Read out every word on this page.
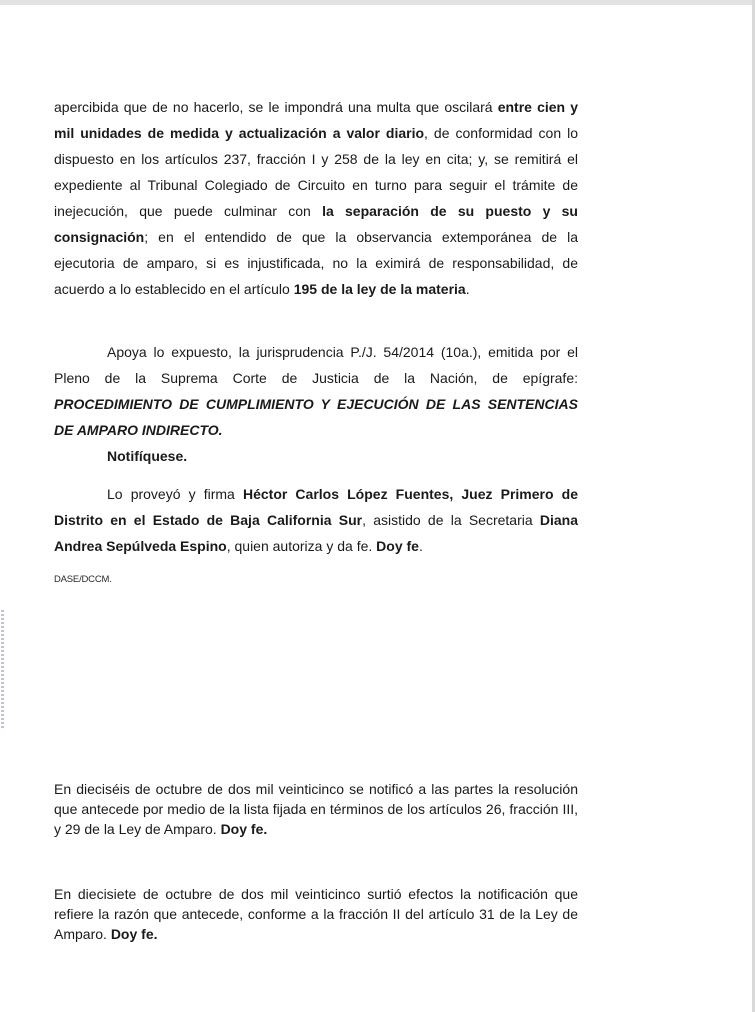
apercibida que de no hacerlo, se le impondrá una multa que oscilará entre cien y mil unidades de medida y actualización a valor diario, de conformidad con lo dispuesto en los artículos 237, fracción I y 258 de la ley en cita; y, se remitirá el expediente al Tribunal Colegiado de Circuito en turno para seguir el trámite de inejecución, que puede culminar con la separación de su puesto y su consignación; en el entendido de que la observancia extemporánea de la ejecutoria de amparo, si es injustificada, no la eximirá de responsabilidad, de acuerdo a lo establecido en el artículo 195 de la ley de la materia.

Apoya lo expuesto, la jurisprudencia P./J. 54/2014 (10a.), emitida por el Pleno de la Suprema Corte de Justicia de la Nación, de epígrafe: PROCEDIMIENTO DE CUMPLIMIENTO Y EJECUCIÓN DE LAS SENTENCIAS DE AMPARO INDIRECTO.

Notifíquese.

Lo proveyó y firma Héctor Carlos López Fuentes, Juez Primero de Distrito en el Estado de Baja California Sur, asistido de la Secretaria Diana Andrea Sepúlveda Espino, quien autoriza y da fe. Doy fe.

DASE/DCCM.

En dieciséis de octubre de dos mil veinticinco se notificó a las partes la resolución que antecede por medio de la lista fijada en términos de los artículos 26, fracción III, y 29 de la Ley de Amparo. Doy fe.

En diecisiete de octubre de dos mil veinticinco surtió efectos la notificación que refiere la razón que antecede, conforme a la fracción II del artículo 31 de la Ley de Amparo. Doy fe.
